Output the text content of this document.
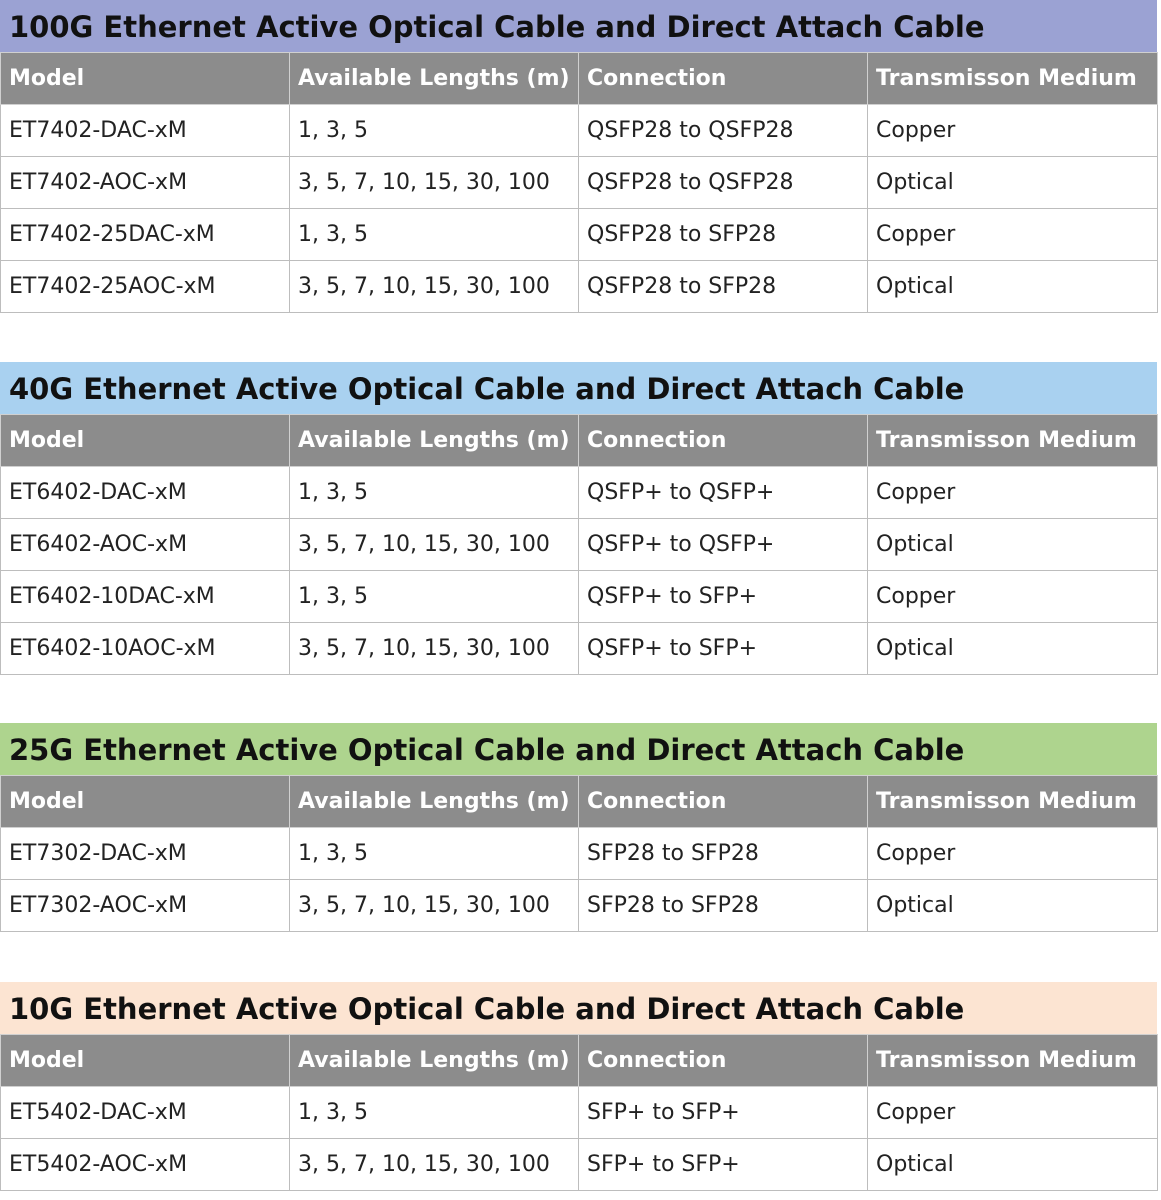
100G Ethernet Active Optical Cable and Direct Attach Cable
Model	Available Lengths (m)	Connection	Transmisson Medium
ET7402-DAC-xM	1, 3, 5	QSFP28 to QSFP28	Copper
ET7402-AOC-xM	3, 5, 7, 10, 15, 30, 100	QSFP28 to QSFP28	Optical
ET7402-25DAC-xM	1, 3, 5	QSFP28 to SFP28	Copper
ET7402-25AOC-xM	3, 5, 7, 10, 15, 30, 100	QSFP28 to SFP28	Optical
40G Ethernet Active Optical Cable and Direct Attach Cable
Model	Available Lengths (m)	Connection	Transmisson Medium
ET6402-DAC-xM	1, 3, 5	QSFP+ to QSFP+	Copper
ET6402-AOC-xM	3, 5, 7, 10, 15, 30, 100	QSFP+ to QSFP+	Optical
ET6402-10DAC-xM	1, 3, 5	QSFP+ to SFP+	Copper
ET6402-10AOC-xM	3, 5, 7, 10, 15, 30, 100	QSFP+ to SFP+	Optical
25G Ethernet Active Optical Cable and Direct Attach Cable
Model	Available Lengths (m)	Connection	Transmisson Medium
ET7302-DAC-xM	1, 3, 5	SFP28 to SFP28	Copper
ET7302-AOC-xM	3, 5, 7, 10, 15, 30, 100	SFP28 to SFP28	Optical
10G Ethernet Active Optical Cable and Direct Attach Cable
Model	Available Lengths (m)	Connection	Transmisson Medium
ET5402-DAC-xM	1, 3, 5	SFP+ to SFP+	Copper
ET5402-AOC-xM	3, 5, 7, 10, 15, 30, 100	SFP+ to SFP+	Optical
